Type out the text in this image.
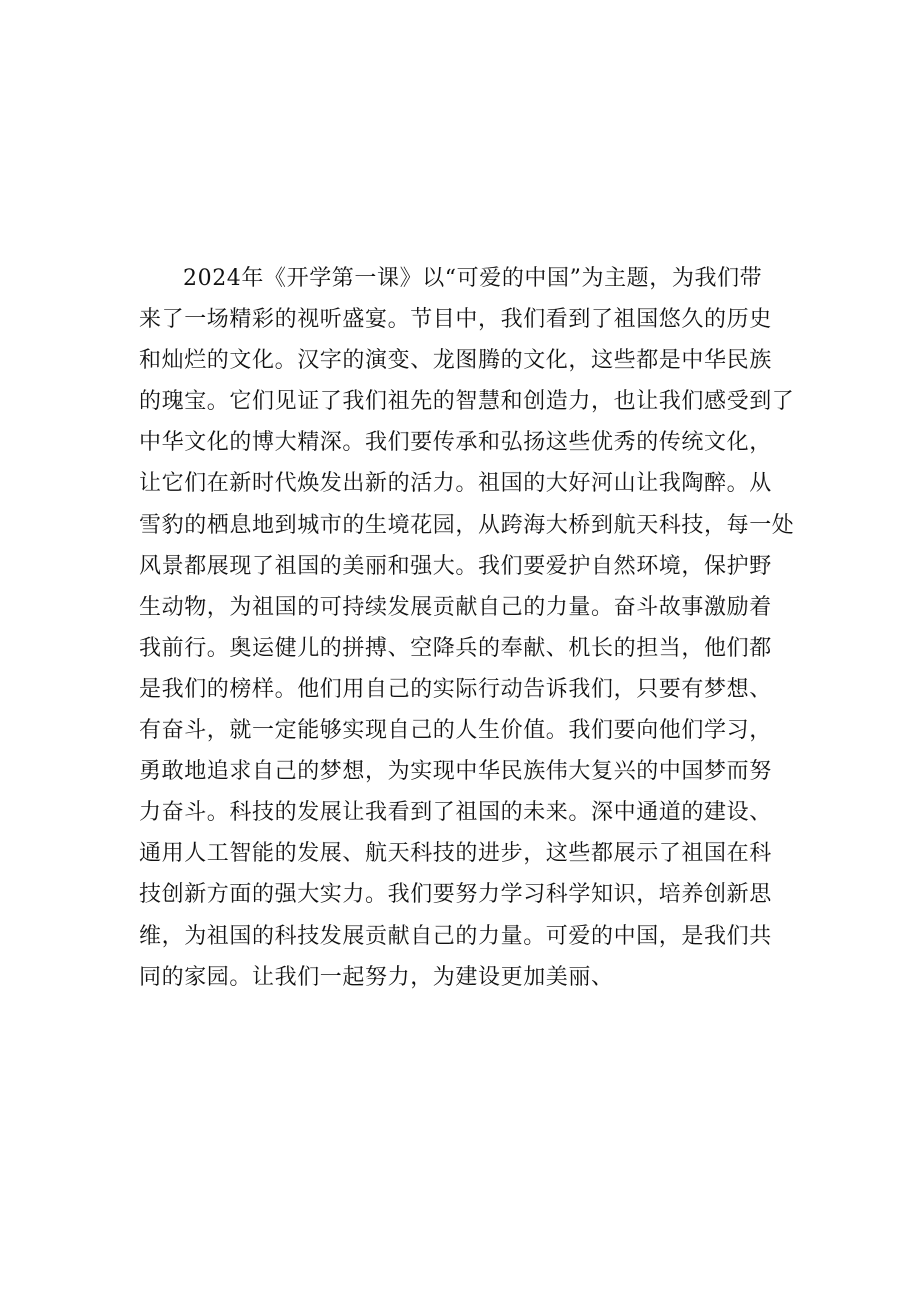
2024年《开学第一课》以“可爱的中国”为主题，为我们带
来了一场精彩的视听盛宴。节目中，我们看到了祖国悠久的历史
和灿烂的文化。汉字的演变、龙图腾的文化，这些都是中华民族
的瑰宝。它们见证了我们祖先的智慧和创造力，也让我们感受到了
中华文化的博大精深。我们要传承和弘扬这些优秀的传统文化，
让它们在新时代焕发出新的活力。祖国的大好河山让我陶醉。从
雪豹的栖息地到城市的生境花园，从跨海大桥到航天科技，每一处
风景都展现了祖国的美丽和强大。我们要爱护自然环境，保护野
生动物，为祖国的可持续发展贡献自己的力量。奋斗故事激励着
我前行。奥运健儿的拼搏、空降兵的奉献、机长的担当，他们都
是我们的榜样。他们用自己的实际行动告诉我们，只要有梦想、
有奋斗，就一定能够实现自己的人生价值。我们要向他们学习，
勇敢地追求自己的梦想，为实现中华民族伟大复兴的中国梦而努
力奋斗。科技的发展让我看到了祖国的未来。深中通道的建设、
通用人工智能的发展、航天科技的进步，这些都展示了祖国在科
技创新方面的强大实力。我们要努力学习科学知识，培养创新思
维，为祖国的科技发展贡献自己的力量。可爱的中国，是我们共
同的家园。让我们一起努力，为建设更加美丽、
